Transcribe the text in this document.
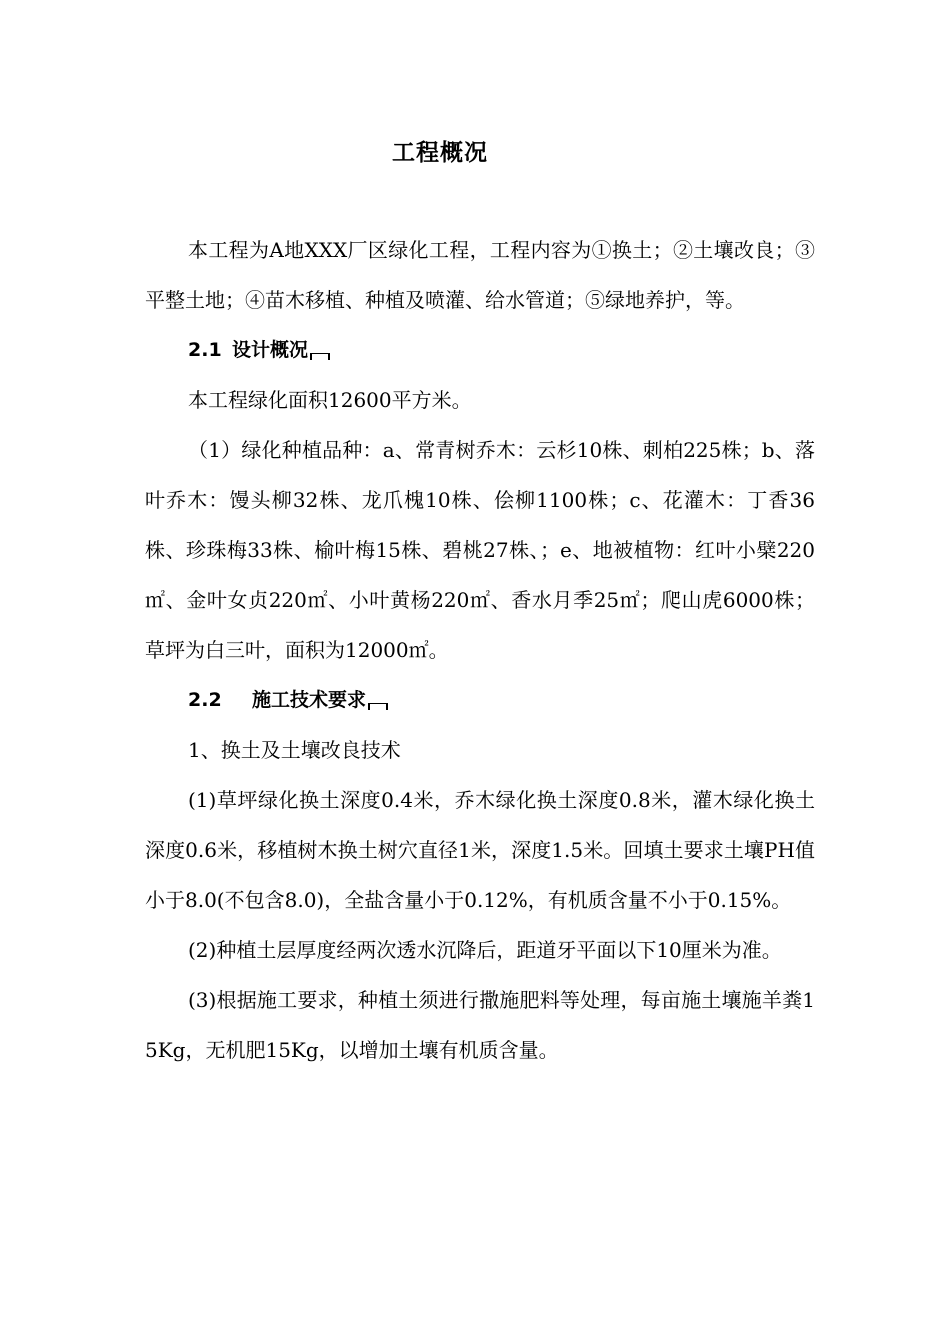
工程概况

本工程为A地XXX厂区绿化工程，工程内容为①换土；②土壤改良；③平整土地；④苗木移植、种植及喷灌、给水管道；⑤绿地养护，等。

2.1 设计概况

本工程绿化面积12600平方米。

（1）绿化种植品种：a、常青树乔木：云杉10株、刺柏225株；b、落叶乔木：馒头柳32株、龙爪槐10株、侩柳1100株；c、花灌木：丁香36株、珍珠梅33株、榆叶梅15株、碧桃27株、；e、地被植物：红叶小檗220㎡、金叶女贞220㎡、小叶黄杨220㎡、香水月季25㎡；爬山虎6000株；草坪为白三叶，面积为12000㎡。

2.2 施工技术要求

1、换土及土壤改良技术

(1)草坪绿化换土深度0.4米，乔木绿化换土深度0.8米，灌木绿化换土深度0.6米，移植树木换土树穴直径1米，深度1.5米。回填土要求土壤PH值小于8.0(不包含8.0)，全盐含量小于0.12%，有机质含量不小于0.15%。

(2)种植土层厚度经两次透水沉降后，距道牙平面以下10厘米为准。

(3)根据施工要求，种植土须进行撒施肥料等处理，每亩施土壤施羊粪15Kg，无机肥15Kg，以增加土壤有机质含量。
